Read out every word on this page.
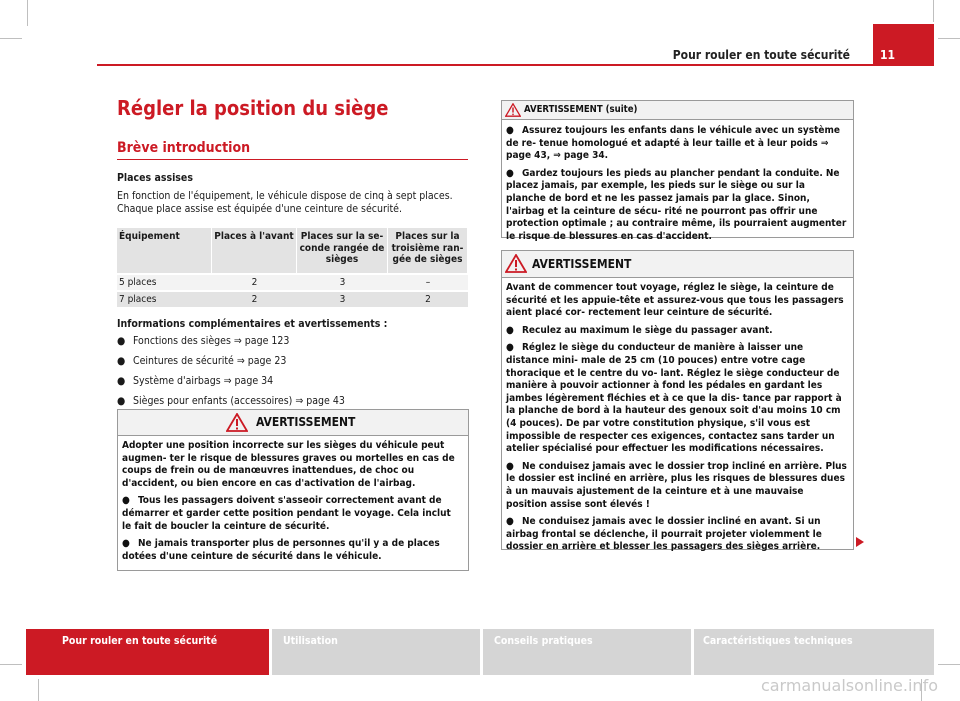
Pour rouler en toute sécurité	11
Régler la position du siège
Brève introduction
Places assises
En fonction de l'équipement, le véhicule dispose de cinq à sept places.
Chaque place assise est équipée d'une ceinture de sécurité.
Équipement	Places à l'avant	Places sur la se- conde rangée de sièges	Places sur la troisième ran- gée de sièges
5 places	2	3	–
7 places	2	3	2
Informations complémentaires et avertissements :
● Fonctions des sièges ⇒ page 123
● Ceintures de sécurité ⇒ page 23
● Système d'airbags ⇒ page 34
● Sièges pour enfants (accessoires) ⇒ page 43
AVERTISSEMENT

Adopter une position incorrecte sur les sièges du véhicule peut augmen- ter le risque de blessures graves ou mortelles en cas de coups de frein ou de manœuvres inattendues, de choc ou d'accident, ou bien encore en cas d'activation de l'airbag.

● Tous les passagers doivent s'asseoir correctement avant de démarrer et garder cette position pendant le voyage. Cela inclut le fait de boucler la ceinture de sécurité.

● Ne jamais transporter plus de personnes qu'il y a de places dotées d'une ceinture de sécurité dans le véhicule.

AVERTISSEMENT (suite)

● Assurez toujours les enfants dans le véhicule avec un système de re- tenue homologué et adapté à leur taille et à leur poids ⇒ page 43, ⇒ page 34.

● Gardez toujours les pieds au plancher pendant la conduite. Ne placez jamais, par exemple, les pieds sur le siège ou sur la planche de bord et ne les passez jamais par la glace. Sinon, l'airbag et la ceinture de sécu- rité ne pourront pas offrir une protection optimale ; au contraire même, ils pourraient augmenter le risque de blessures en cas d'accident.

AVERTISSEMENT

Avant de commencer tout voyage, réglez le siège, la ceinture de sécurité et les appuie-tête et assurez-vous que tous les passagers aient placé cor- rectement leur ceinture de sécurité.

● Reculez au maximum le siège du passager avant.

● Réglez le siège du conducteur de manière à laisser une distance mini- male de 25 cm (10 pouces) entre votre cage thoracique et le centre du vo- lant. Réglez le siège conducteur de manière à pouvoir actionner à fond les pédales en gardant les jambes légèrement fléchies et à ce que la dis- tance par rapport à la planche de bord à la hauteur des genoux soit d'au moins 10 cm (4 pouces). De par votre constitution physique, s'il vous est impossible de respecter ces exigences, contactez sans tarder un atelier spécialisé pour effectuer les modifications nécessaires.

● Ne conduisez jamais avec le dossier trop incliné en arrière. Plus le dossier est incliné en arrière, plus les risques de blessures dues à un mauvais ajustement de la ceinture et à une mauvaise position assise sont élevés !

● Ne conduisez jamais avec le dossier incliné en avant. Si un airbag frontal se déclenche, il pourrait projeter violemment le dossier en arrière et blesser les passagers des sièges arrière.

Pour rouler en toute sécurité	Utilisation	Conseils pratiques	Caractéristiques techniques
carmanualsonline.info
